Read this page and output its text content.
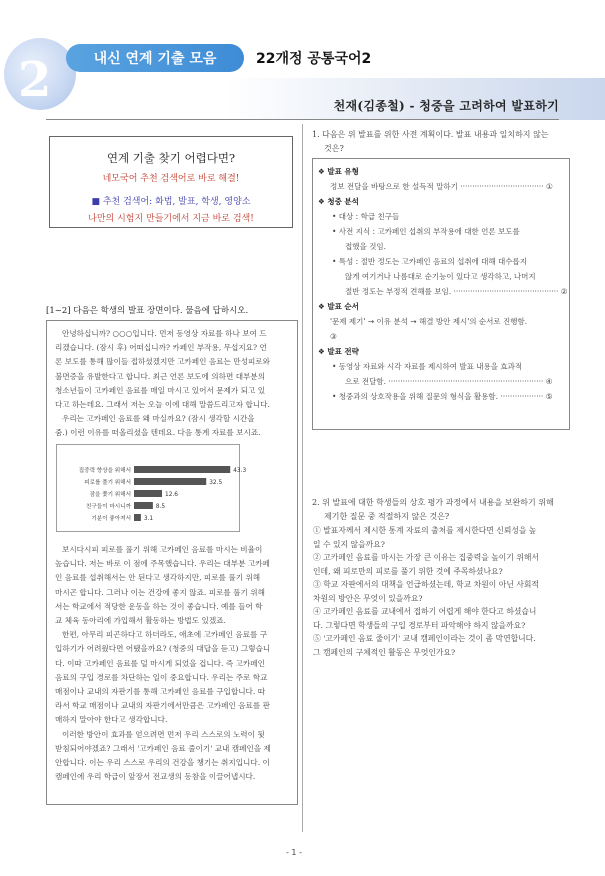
2	내신 연계 기출 모음	22개정 공통국어2
천재(김종철) - 청중을 고려하여 발표하기
연계 기출 찾기 어렵다면?
네모국어 추천 검색어로 바로 해결!
■ 추천 검색어: 화법, 발표, 학생, 영양소
나만의 시험지 만들기에서 지금 바로 검색!
[1~2] 다음은 학생의 발표 장면이다. 물음에 답하시오.
안녕하십니까? ○○○입니다. 먼저 동영상 자료를 하나 보여 드
리겠습니다. (잠시 후) 어떠십니까? 카페인 부작용, 무섭지요? 언
론 보도를 통해 많이들 접하셨겠지만 고카페인 음료는 만성피로와
불면증을 유발한다고 합니다. 최근 언론 보도에 의하면 대부분의
청소년들이 고카페인 음료를 매일 마시고 있어서 문제가 되고 있
다고 하는데요. 그래서 저는 오늘 이에 대해 말씀드리고자 합니다.
우리는 고카페인 음료를 왜 마실까요? (잠시 생각할 시간을
줌.) 이런 이유를 떠올리셨을 텐데요. 다음 통계 자료를 보시죠.
보시다시피 피로를 풀기 위해 고카페인 음료를 마시는 비율이
높습니다. 저는 바로 이 점에 주목했습니다. 우리는 대부분 고카페
인 음료를 섭취해서는 안 된다고 생각하지만, 피로를 풀기 위해
마시곤 합니다. 그러나 이는 건강에 좋지 않죠. 피로를 풀기 위해
서는 학교에서 적당한 운동을 하는 것이 좋습니다. 예를 들어 학
교 체육 동아리에 가입해서 활동하는 방법도 있겠죠.
한편, 아무리 피곤하다고 하더라도, 애초에 고카페인 음료를 구
입하기가 어려웠다면 어땠을까요? (청중의 대답을 듣고) 그렇습니
다. 이따 고카페인 음료를 덜 마시게 되었을 겁니다. 즉 고카페인
음료의 구입 경로를 차단하는 일이 중요합니다. 우리는 주로 학교
매점이나 교내의 자판기를 통해 고카페인 음료를 구입합니다. 따
라서 학교 매점이나 교내의 자판기에서만큼은 고카페인 음료를 판
매하지 말아야 한다고 생각합니다.
이러한 방안이 효과를 얻으려면 먼저 우리 스스로의 노력이 뒷
받침되어야겠죠? 그래서 '고카페인 음료 줄이기' 교내 캠페인을 제
안합니다. 이는 우리 스스로 우리의 건강을 챙기는 취지입니다. 이
캠페인에 우리 학급이 앞장서 전교생의 동참을 이끌어냅시다.
집중력 향상을 위해서	43.3
피로를 풀기 위해서	32.5
잠을 쫓기 위해서	12.6
친구들이 마시니까	8.5
기분이 좋아져서 3.1
1. 다음은 위 발표를 위한 사전 계획이다. 발표 내용과 일치하지 않는
것은?
❖ 발표 유형
정보 전달을 바탕으로 한 설득적 말하기 ··································· ①
❖ 청중 분석
• 대상 : 학급 친구들
• 사전 지식 : 고카페인 섭취의 부작용에 대한 언론 보도를
접했을 것임.
• 특성 : 절반 정도는 고카페인 음료의 섭취에 대해 대수롭지
않게 여기거나 나름대로 순기능이 있다고 생각하고, 나머지
절반 정도는 부정적 견해를 보임. ············································ ②
❖ 발표 순서
'문제 제기' → 이유 분석 → 해결 방안 제시'의 순서로 진행함.
③
❖ 발표 전략
• 동영상 자료와 시각 자료를 제시하여 발표 내용을 효과적
으로 전달함. ································································· ④
• 청중과의 상호작용을 위해 질문의 형식을 활용함. ·················· ⑤
2. 위 발표에 대한 학생들의 상호 평가 과정에서 내용을 보완하기 위해
제기한 질문 중 적절하지 않은 것은?
① 발표자께서 제시한 통계 자료의 출처를 제시한다면 신뢰성을 높
일 수 있지 않을까요?
② 고카페인 음료를 마시는 가장 큰 이유는 집중력을 높이기 위해서
인데, 왜 피로만의 피로를 풀기 위한 것에 주목하셨나요?
③ 학교 자판에서의 대책을 언급하셨는데, 학교 차원이 아닌 사회적
차원의 방안은 무엇이 있을까요?
④ 고카페인 음료를 교내에서 접하기 어렵게 해야 한다고 하셨습니
다. 그렇다면 학생들의 구입 경로부터 파악해야 하지 않을까요?
⑤ '고카페인 음료 줄이기' 교내 캠페인이라는 것이 좀 막연합니다.
그 캠페인의 구체적인 활동은 무엇인가요?
- 1 -
